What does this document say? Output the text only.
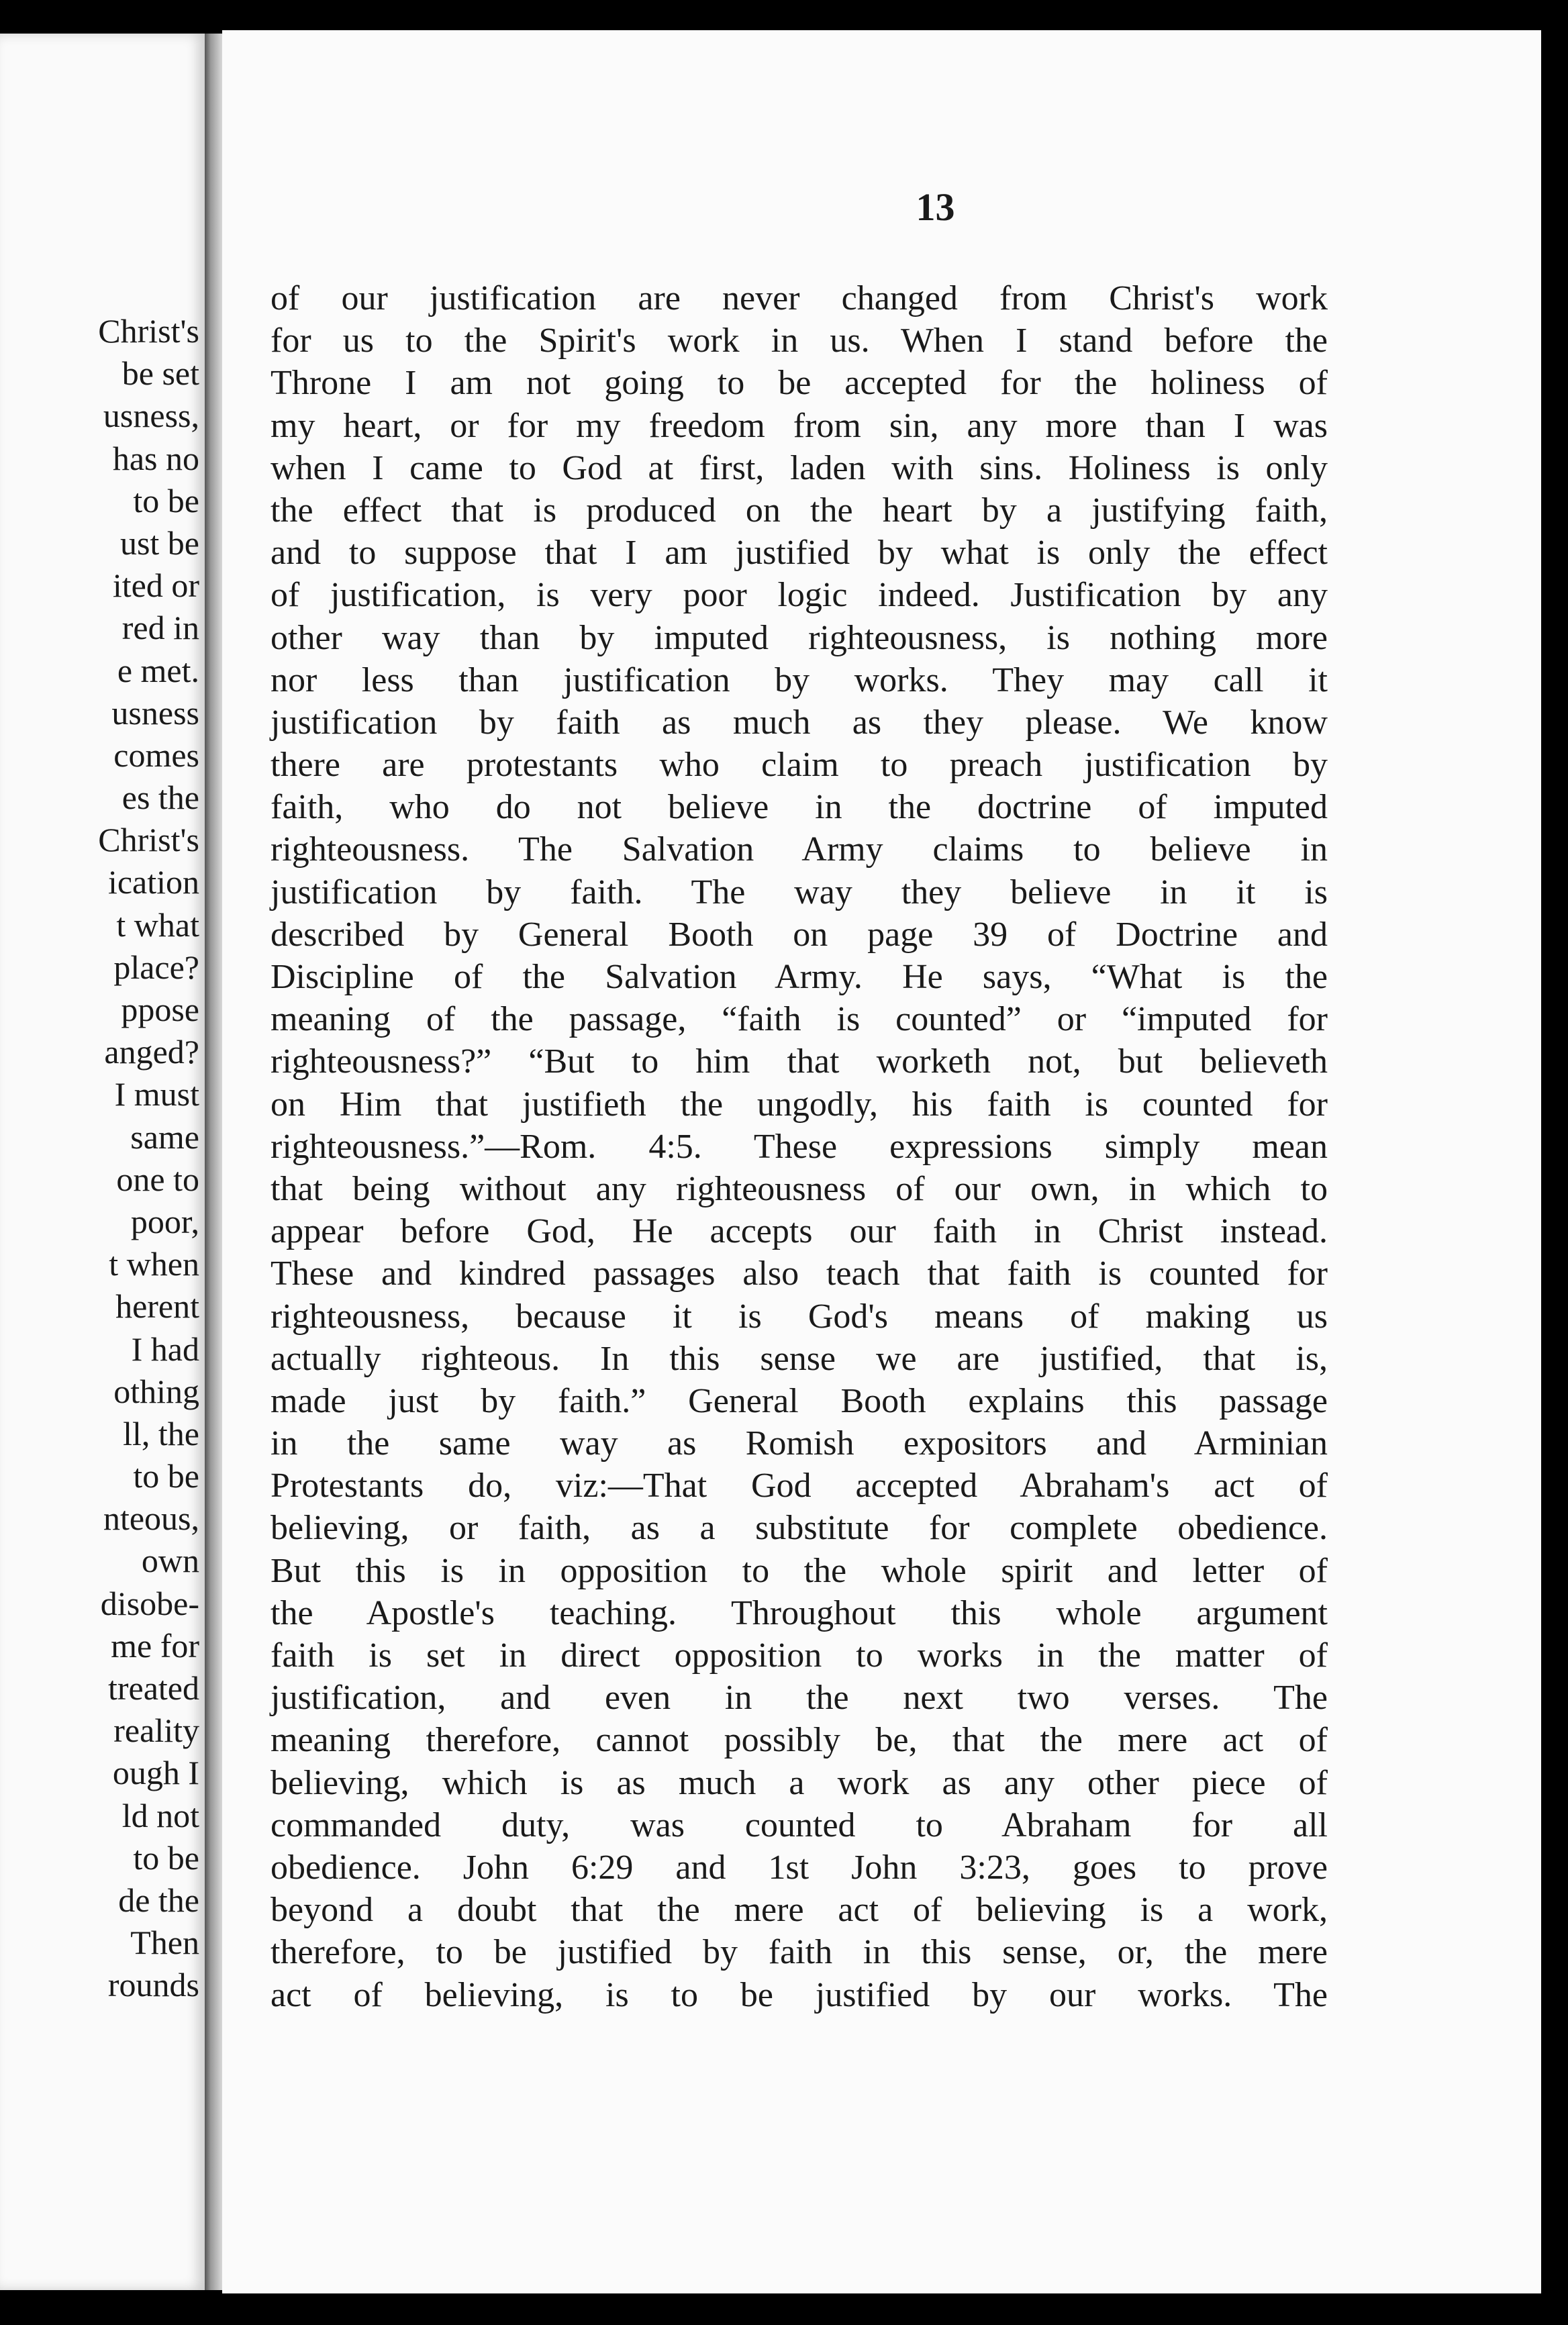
Christ's
be set
usness,
has no
to be
ust be
ited or
red in
e met.
usness
comes
es the
Christ's
ication
t what
place?
ppose
anged?
I must
same
one to
poor,
t when
herent
I had
othing
ll, the
to be
nteous,
own
disobe-
me for
treated
reality
ough I
ld not
to be
de the
Then
rounds
13
of our justification are never changed from Christ's work
for us to the Spirit's work in us. When I stand before the
Throne I am not going to be accepted for the holiness of
my heart, or for my freedom from sin, any more than I was
when I came to God at first, laden with sins. Holiness is only
the effect that is produced on the heart by a justifying faith,
and to suppose that I am justified by what is only the effect
of justification, is very poor logic indeed. Justification by any
other way than by imputed righteousness, is nothing more
nor less than justification by works. They may call it
justification by faith as much as they please. We know
there are protestants who claim to preach justification by
faith, who do not believe in the doctrine of imputed
righteousness. The Salvation Army claims to believe in
justification by faith. The way they believe in it is
described by General Booth on page 39 of Doctrine and
Discipline of the Salvation Army. He says, “What is the
meaning of the passage, “faith is counted” or “imputed for
righteousness?” “But to him that worketh not, but believeth
on Him that justifieth the ungodly, his faith is counted for
righteousness.”—Rom. 4:5. These expressions simply mean
that being without any righteousness of our own, in which to
appear before God, He accepts our faith in Christ instead.
These and kindred passages also teach that faith is counted for
righteousness, because it is God's means of making us
actually righteous. In this sense we are justified, that is,
made just by faith.” General Booth explains this passage
in the same way as Romish expositors and Arminian
Protestants do, viz:—That God accepted Abraham's act of
believing, or faith, as a substitute for complete obedience.
But this is in opposition to the whole spirit and letter of
the Apostle's teaching. Throughout this whole argument
faith is set in direct opposition to works in the matter of
justification, and even in the next two verses. The
meaning therefore, cannot possibly be, that the mere act of
believing, which is as much a work as any other piece of
commanded duty, was counted to Abraham for all
obedience. John 6:29 and 1st John 3:23, goes to prove
beyond a doubt that the mere act of believing is a work,
therefore, to be justified by faith in this sense, or, the mere
act of believing, is to be justified by our works. The
